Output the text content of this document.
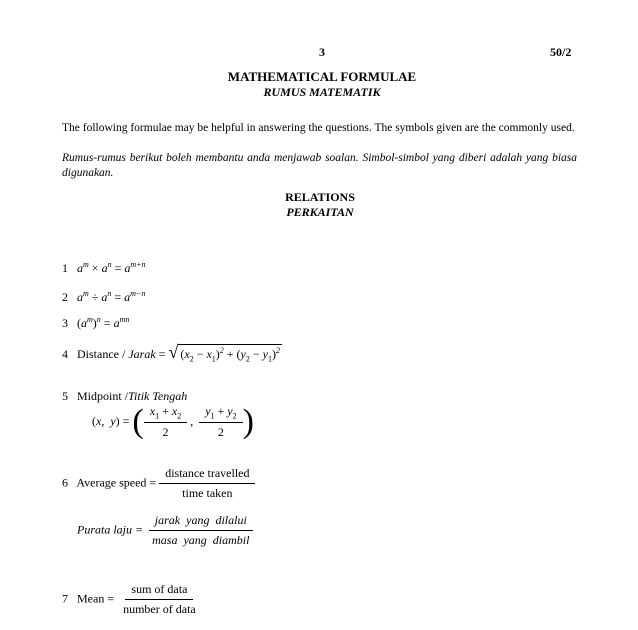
3	50/2
MATHEMATICAL FORMULAE
RUMUS MATEMATIK
The following formulae may be helpful in answering the questions. The symbols given are the commonly used.
Rumus-rumus berikut boleh membantu anda menjawab soalan. Simbol-simbol yang diberi adalah yang biasa digunakan.
RELATIONS
PERKAITAN
1 $a^m \times a^n = a^{m+n}$
2 $a^m \div a^n = a^{m-n}$
3   $(a^m)^n = a^{mn}$
4 Distance / Jarak = √ $(x_2 - x_1)^2 + (y_2 - y_1)^2$
5 Midpoint /Titik Tengah
(x,  y) = ( $\frac{x_1 + x_2}{2}$ , $\frac{y_1 + y_2}{2}$ )
6 Average speed = $\frac{\text{distance travelled}}{\text{time taken}}$
Purata laju = $\frac{\text{jarak  yang  dilalui}}{\text{masa  yang  diambil}}$
7 Mean = $\frac{\text{sum of data}}{\text{number of data}}$
